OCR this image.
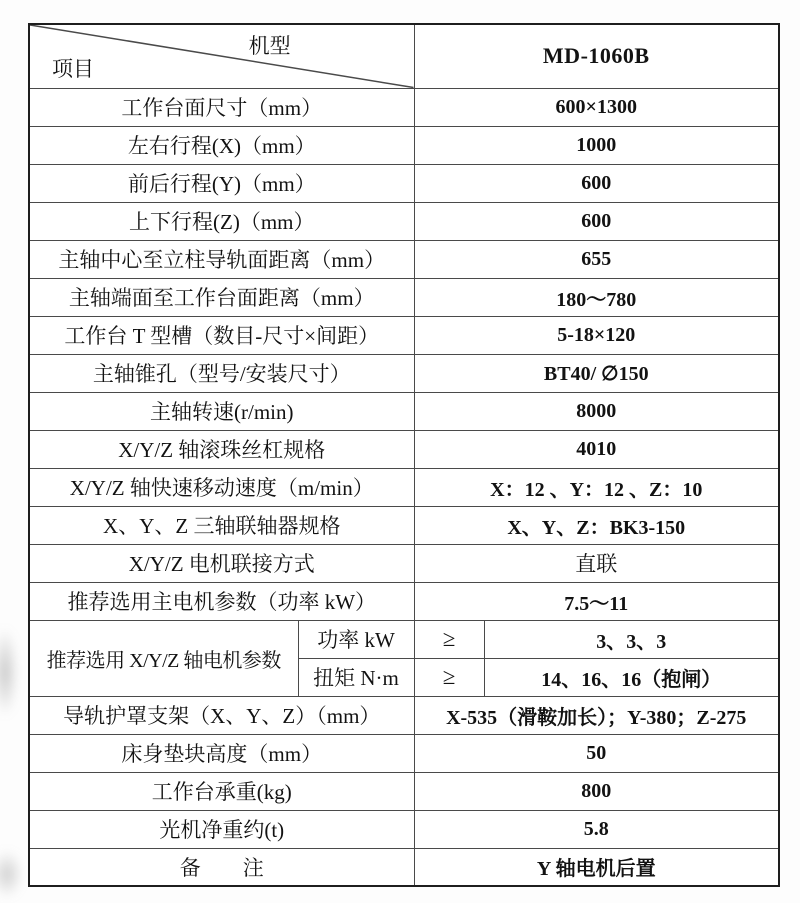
机型
项目		MD-1060B	
工作台面尺寸（mm）		600×1300	
左右行程(X)（mm）		1000	
前后行程(Y)（mm）		600	
上下行程(Z)（mm）		600	
主轴中心至立柱导轨面距离（mm）		655	
主轴端面至工作台面距离（mm）		180～780	
工作台 T 型槽（数目-尺寸×间距）		5-18×120	
主轴锥孔（型号/安装尺寸）		BT40/ ∅150	
主轴转速(r/min)		8000	
X/Y/Z 轴滚珠丝杠规格		4010	
X/Y/Z 轴快速移动速度（m/min）		X：12 、Y：12 、Z：10	
X、Y、Z 三轴联轴器规格		X、Y、Z：BK3-150	
X/Y/Z 电机联接方式		直联	
推荐选用主电机参数（功率 kW）		7.5～11	
推荐选用 X/Y/Z 轴电机参数	功率 kW	≥	3、3、3
	扭矩 N·m	≥	14、16、16（抱闸）
导轨护罩支架（X、Y、Z）（mm）		X-535（滑鞍加长）；Y-380；Z-275	
床身垫块高度（mm）		50	
工作台承重(kg)		800	
光机净重约(t)		5.8	
备　　注		Y 轴电机后置	
